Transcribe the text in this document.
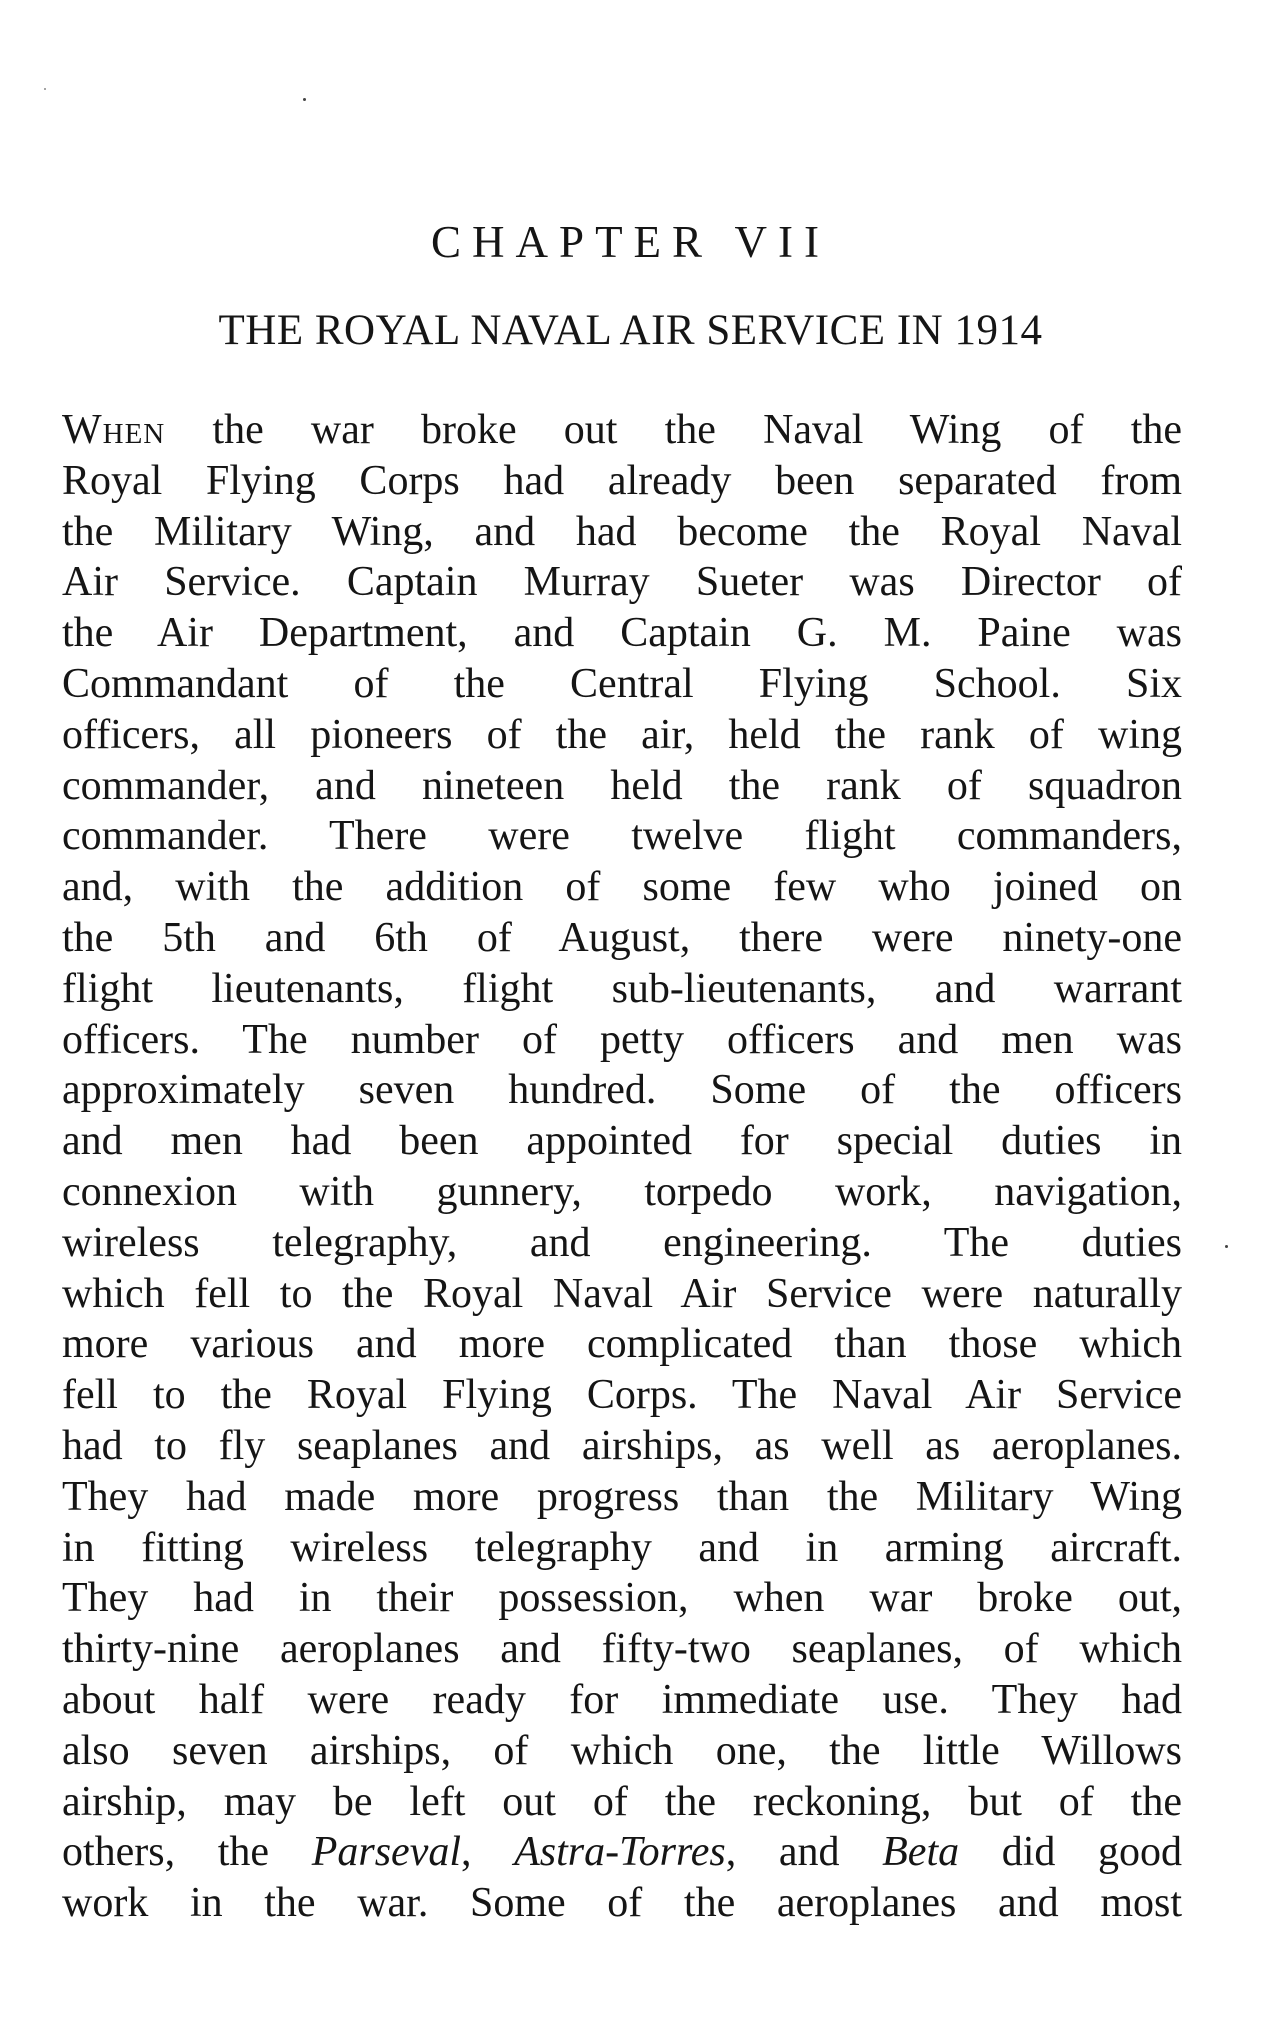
CHAPTER VII
THE ROYAL NAVAL AIR SERVICE IN 1914
When the war broke out the Naval Wing of the
Royal Flying Corps had already been separated from
the Military Wing, and had become the Royal Naval
Air Service. Captain Murray Sueter was Director of
the Air Department, and Captain G. M. Paine was
Commandant of the Central Flying School. Six
officers, all pioneers of the air, held the rank of wing
commander, and nineteen held the rank of squadron
commander. There were twelve flight commanders,
and, with the addition of some few who joined on
the 5th and 6th of August, there were ninety-one
flight lieutenants, flight sub-lieutenants, and warrant
officers. The number of petty officers and men was
approximately seven hundred. Some of the officers
and men had been appointed for special duties in
connexion with gunnery, torpedo work, navigation,
wireless telegraphy, and engineering. The duties
which fell to the Royal Naval Air Service were naturally
more various and more complicated than those which
fell to the Royal Flying Corps. The Naval Air Service
had to fly seaplanes and airships, as well as aeroplanes.
They had made more progress than the Military Wing
in fitting wireless telegraphy and in arming aircraft.
They had in their possession, when war broke out,
thirty-nine aeroplanes and fifty-two seaplanes, of which
about half were ready for immediate use. They had
also seven airships, of which one, the little Willows
airship, may be left out of the reckoning, but of the
others, the Parseval, Astra-Torres, and Beta did good
work in the war. Some of the aeroplanes and most
